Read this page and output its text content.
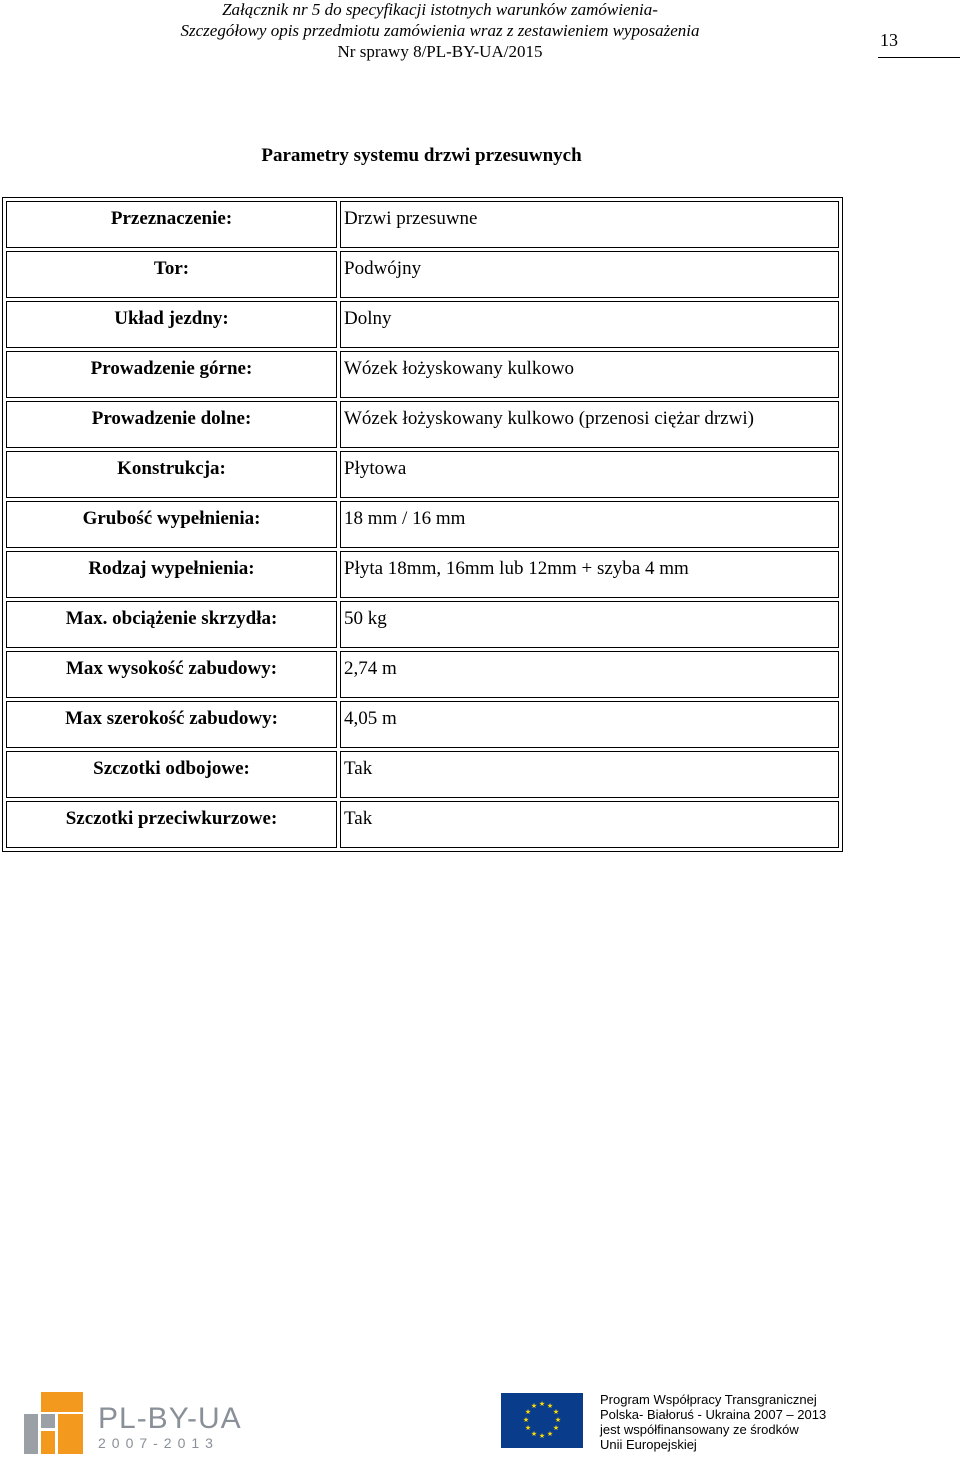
Załącznik nr 5 do specyfikacji istotnych warunków zamówienia-
Szczegółowy opis przedmiotu zamówienia wraz z zestawieniem wyposażenia
Nr sprawy 8/PL-BY-UA/2015
13
Parametry systemu drzwi przesuwnych
Przeznaczenie:	Drzwi przesuwne
Tor:	Podwójny
Układ jezdny:	Dolny
Prowadzenie górne:	Wózek łożyskowany kulkowo
Prowadzenie dolne:	Wózek łożyskowany kulkowo (przenosi ciężar drzwi)
Konstrukcja:	Płytowa
Grubość wypełnienia:	18 mm / 16 mm
Rodzaj wypełnienia:	Płyta 18mm, 16mm lub 12mm + szyba 4 mm
Max. obciążenie skrzydła:	50 kg
Max wysokość zabudowy:	2,74 m
Max szerokość zabudowy:	4,05 m
Szczotki odbojowe:	Tak
Szczotki przeciwkurzowe:	Tak
PL-BY-UA
2007-2013
★ ★
★
★
★
★
★
★
★
★
★
★	Program Współpracy Transgranicznej
Polska- Białoruś - Ukraina 2007 – 2013
jest współfinansowany ze środków
Unii Europejskiej
